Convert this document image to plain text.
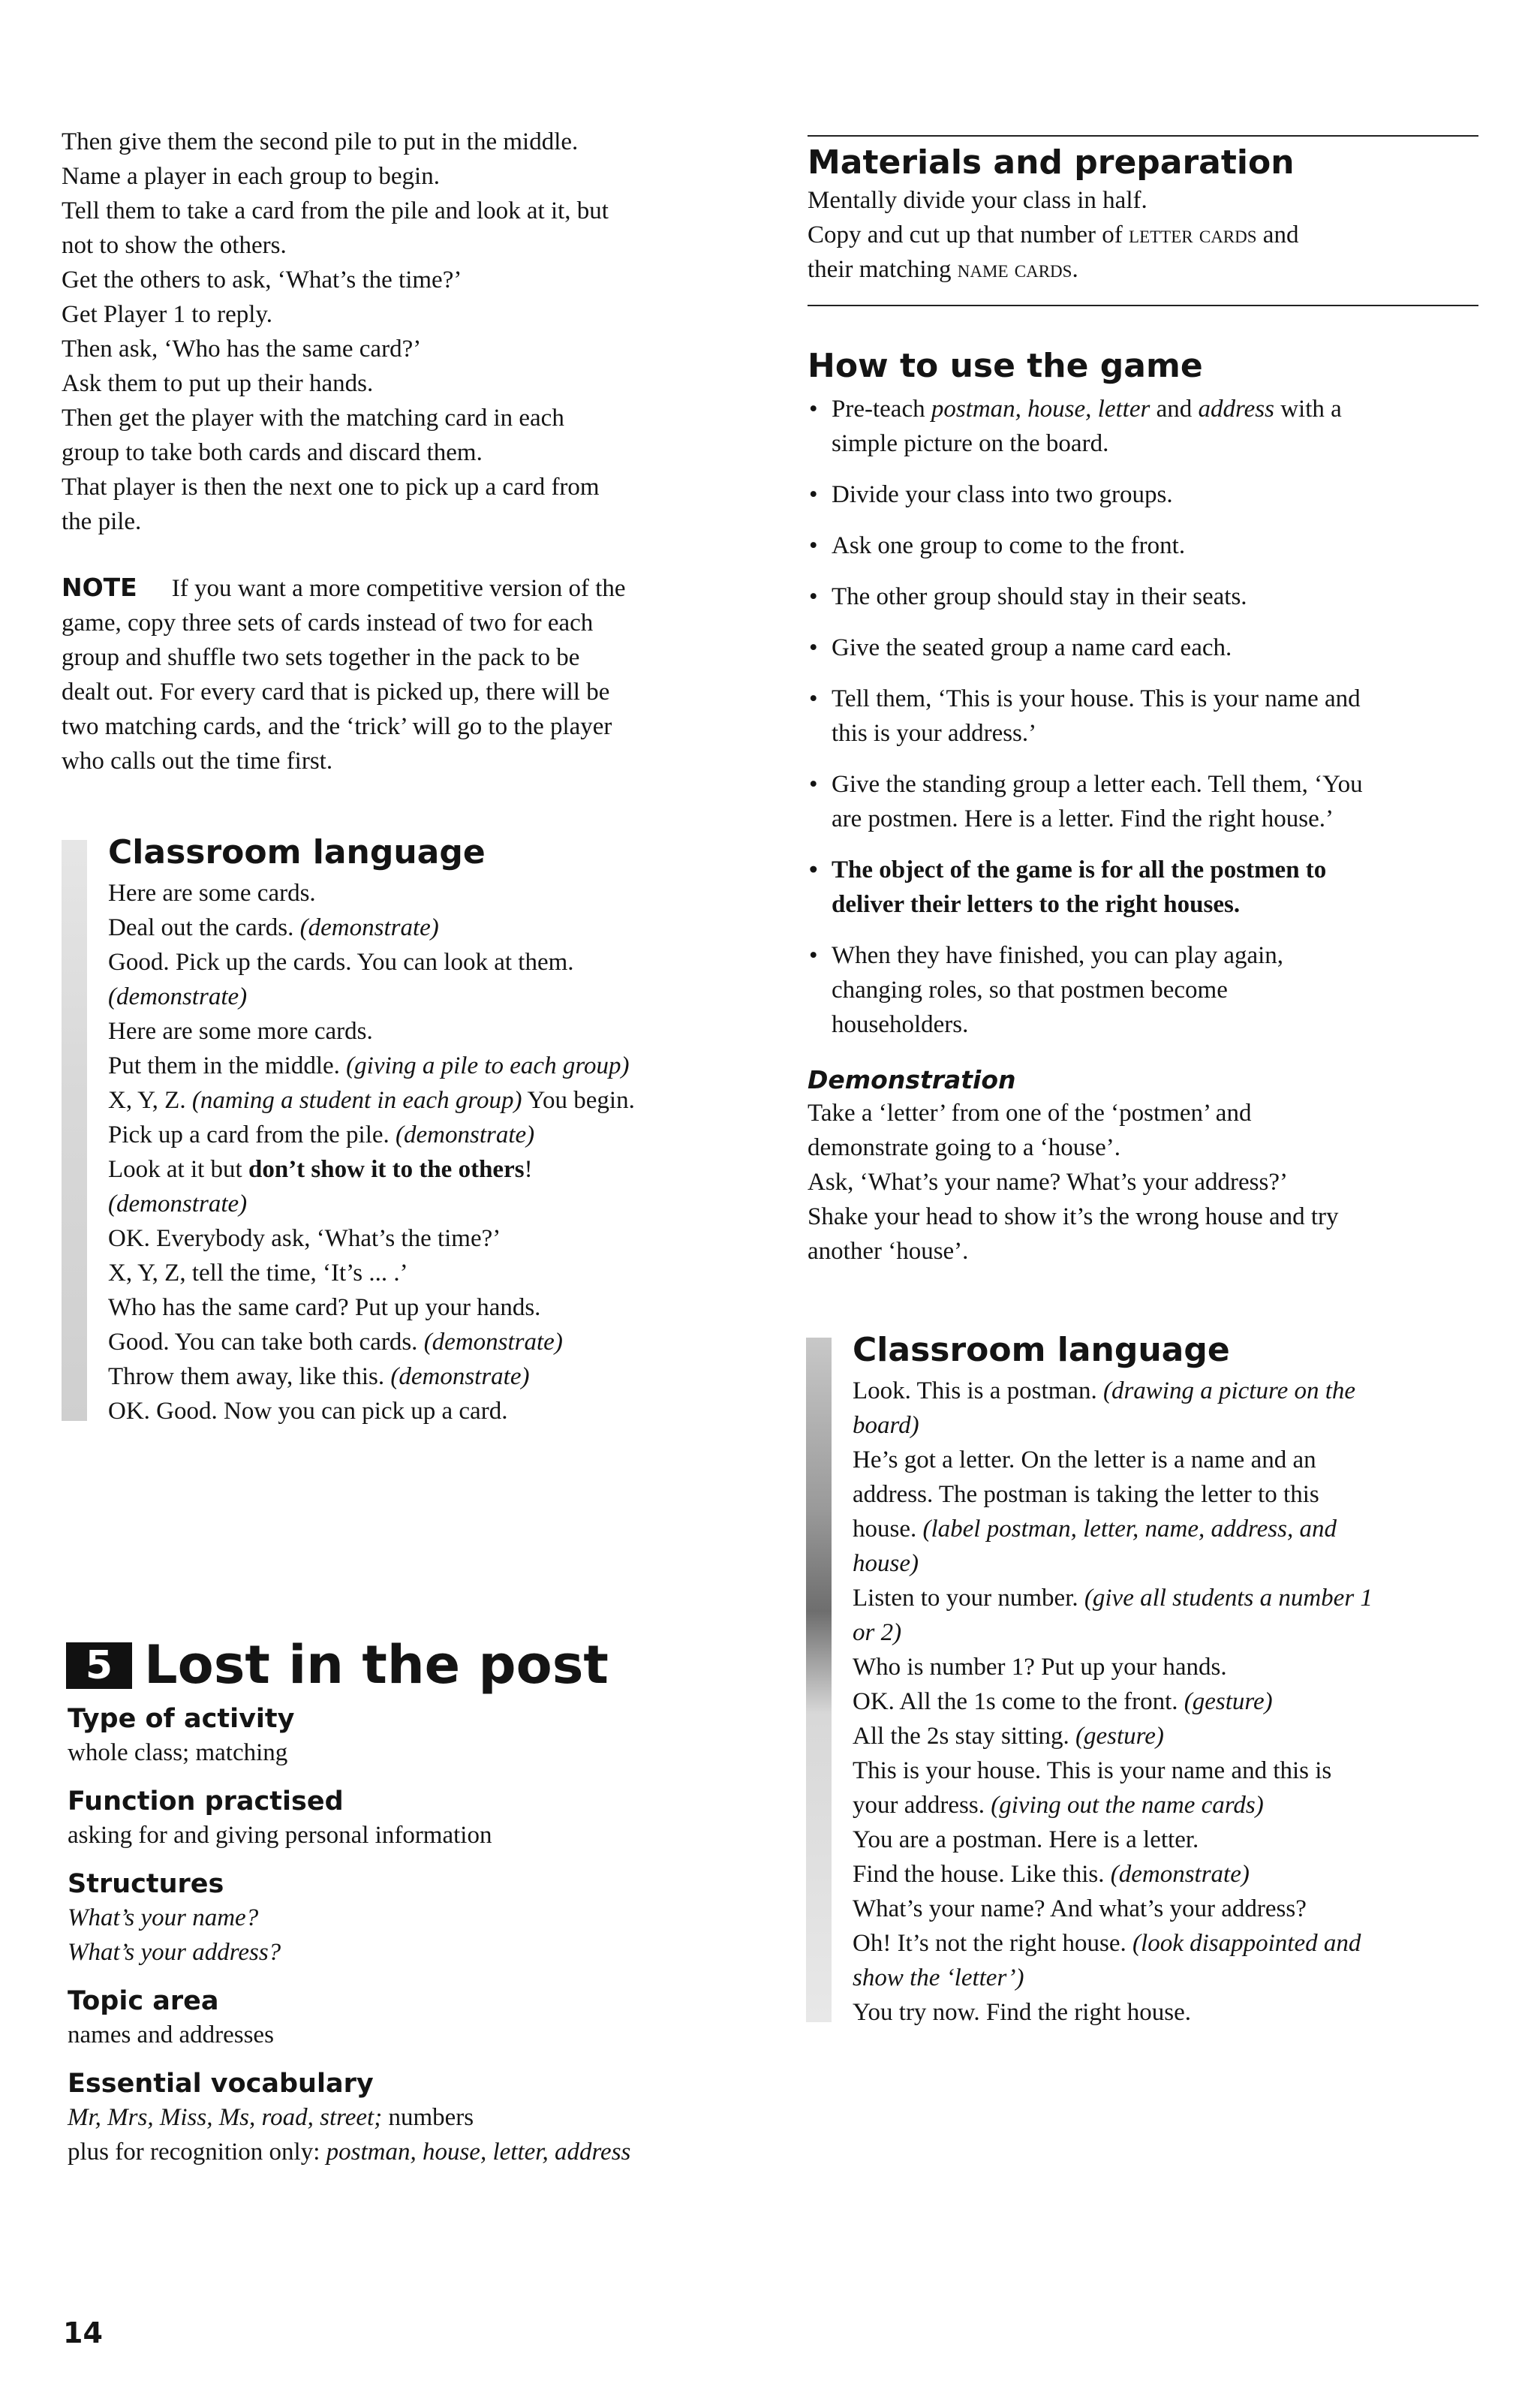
Then give them the second pile to put in the middle.
Name a player in each group to begin.
Tell them to take a card from the pile and look at it, but
not to show the others.
Get the others to ask, ‘What’s the time?’
Get Player 1 to reply.
Then ask, ‘Who has the same card?’
Ask them to put up their hands.
Then get the player with the matching card in each
group to take both cards and discard them.
That player is then the next one to pick up a card from
the pile.
NOTE If you want a more competitive version of the
game, copy three sets of cards instead of two for each
group and shuffle two sets together in the pack to be
dealt out. For every card that is picked up, there will be
two matching cards, and the ‘trick’ will go to the player
who calls out the time first.
Classroom language
Here are some cards.
Deal out the cards. (demonstrate)
Good. Pick up the cards. You can look at them.
(demonstrate)
Here are some more cards.
Put them in the middle. (giving a pile to each group)
X, Y, Z. (naming a student in each group) You begin.
Pick up a card from the pile. (demonstrate)
Look at it but don’t show it to the others!
(demonstrate)
OK. Everybody ask, ‘What’s the time?’
X, Y, Z, tell the time, ‘It’s ... .’
Who has the same card? Put up your hands.
Good. You can take both cards. (demonstrate)
Throw them away, like this. (demonstrate)
OK. Good. Now you can pick up a card.
5 Lost in the post
Type of activity
whole class; matching
Function practised
asking for and giving personal information
Structures
What’s your name?
What’s your address?
Topic area
names and addresses
Essential vocabulary
Mr, Mrs, Miss, Ms, road, street; numbers
plus for recognition only: postman, house, letter, address
14
Materials and preparation
Mentally divide your class in half.
Copy and cut up that number of letter cards and
their matching name cards.
How to use the game
• Pre-teach postman, house, letter and address with a
simple picture on the board.
• Divide your class into two groups.
• Ask one group to come to the front.
• The other group should stay in their seats.
• Give the seated group a name card each.
• Tell them, ‘This is your house. This is your name and
this is your address.’
• Give the standing group a letter each. Tell them, ‘You
are postmen. Here is a letter. Find the right house.’
• The object of the game is for all the postmen to
deliver their letters to the right houses.
• When they have finished, you can play again,
changing roles, so that postmen become
householders.
Demonstration
Take a ‘letter’ from one of the ‘postmen’ and
demonstrate going to a ‘house’.
Ask, ‘What’s your name? What’s your address?’
Shake your head to show it’s the wrong house and try
another ‘house’.
Classroom language
Look. This is a postman. (drawing a picture on the
board)
He’s got a letter. On the letter is a name and an
address. The postman is taking the letter to this
house. (label postman, letter, name, address, and
house)
Listen to your number. (give all students a number 1
or 2)
Who is number 1? Put up your hands.
OK. All the 1s come to the front. (gesture)
All the 2s stay sitting. (gesture)
This is your house. This is your name and this is
your address. (giving out the name cards)
You are a postman. Here is a letter.
Find the house. Like this. (demonstrate)
What’s your name? And what’s your address?
Oh! It’s not the right house. (look disappointed and
show the ‘letter’)
You try now. Find the right house.
